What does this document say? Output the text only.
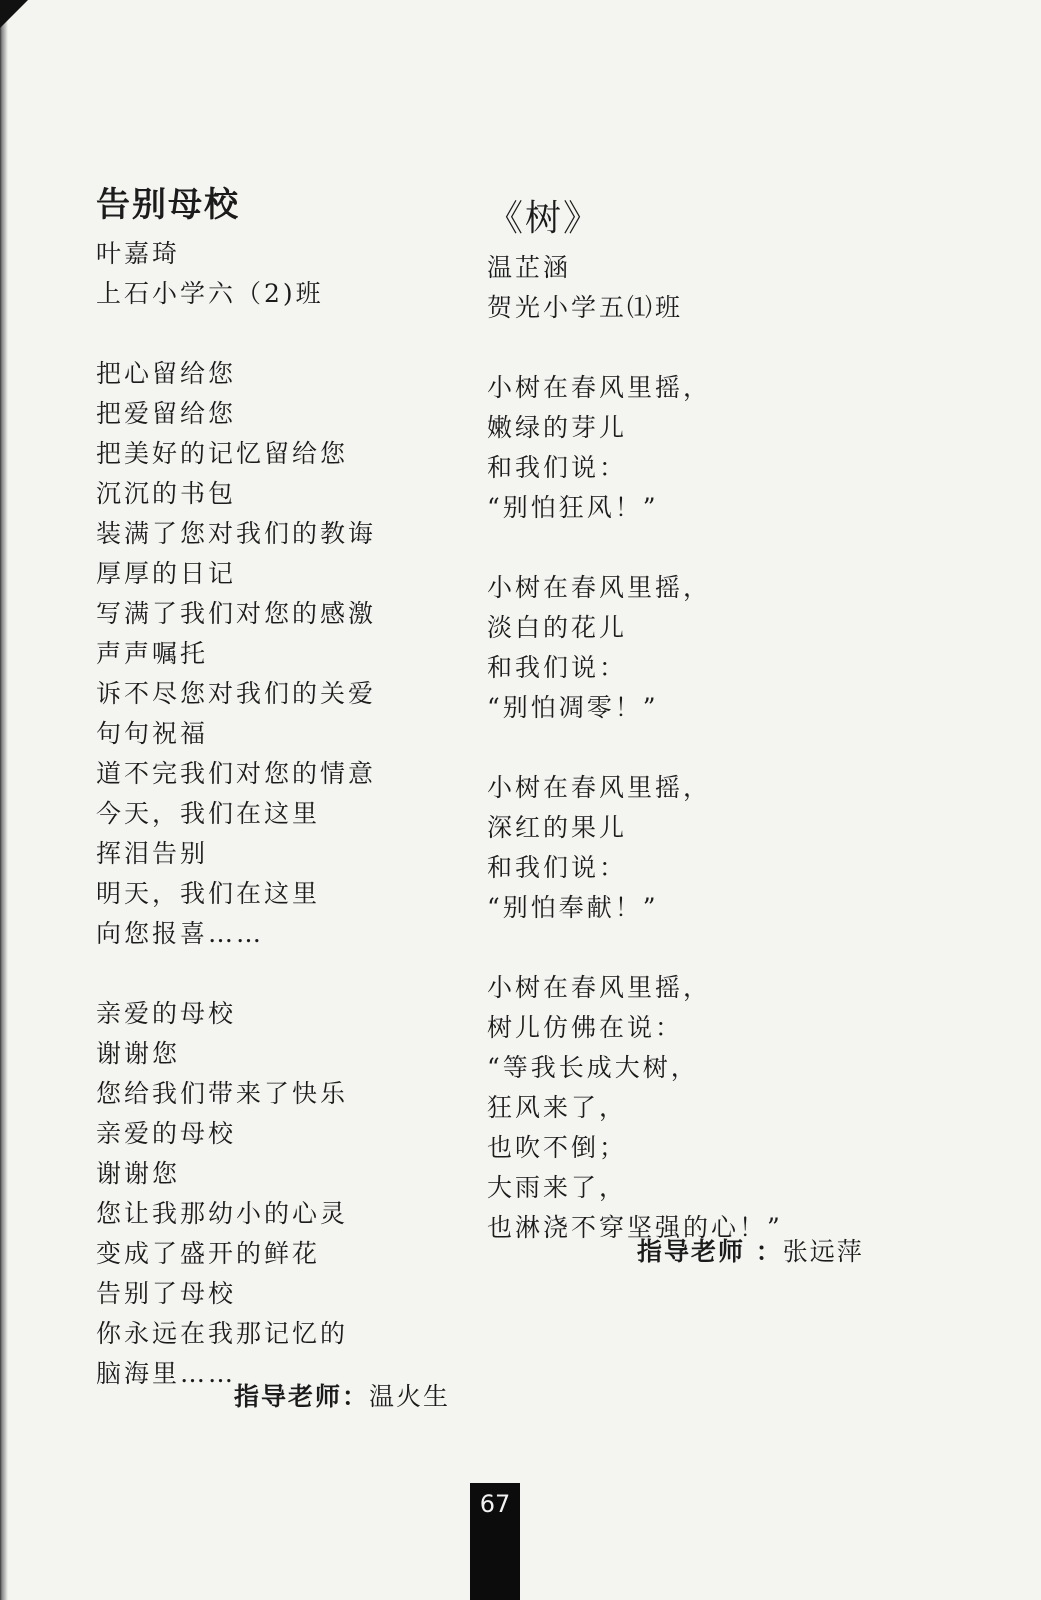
告别母校
叶嘉琦
上石小学六（2)班
把心留给您
把爱留给您
把美好的记忆留给您
沉沉的书包
装满了您对我们的教诲
厚厚的日记
写满了我们对您的感激
声声嘱托
诉不尽您对我们的关爱
句句祝福
道不完我们对您的情意
今天，我们在这里
挥泪告别
明天，我们在这里
向您报喜……
亲爱的母校
谢谢您
您给我们带来了快乐
亲爱的母校
谢谢您
您让我那幼小的心灵
变成了盛开的鲜花
告别了母校
你永远在我那记忆的
脑海里……
指导老师：温火生
《树》
温芷涵
贺光小学五⑴班
小树在春风里摇，
嫩绿的芽儿
和我们说：
“别怕狂风！”
小树在春风里摇，
淡白的花儿
和我们说：
“别怕凋零！”
小树在春风里摇，
深红的果儿
和我们说：
“别怕奉献！”
小树在春风里摇，
树儿仿佛在说：
“等我长成大树，
狂风来了，
也吹不倒；
大雨来了，
也淋浇不穿坚强的心！”
指导老师 ：张远萍
67
